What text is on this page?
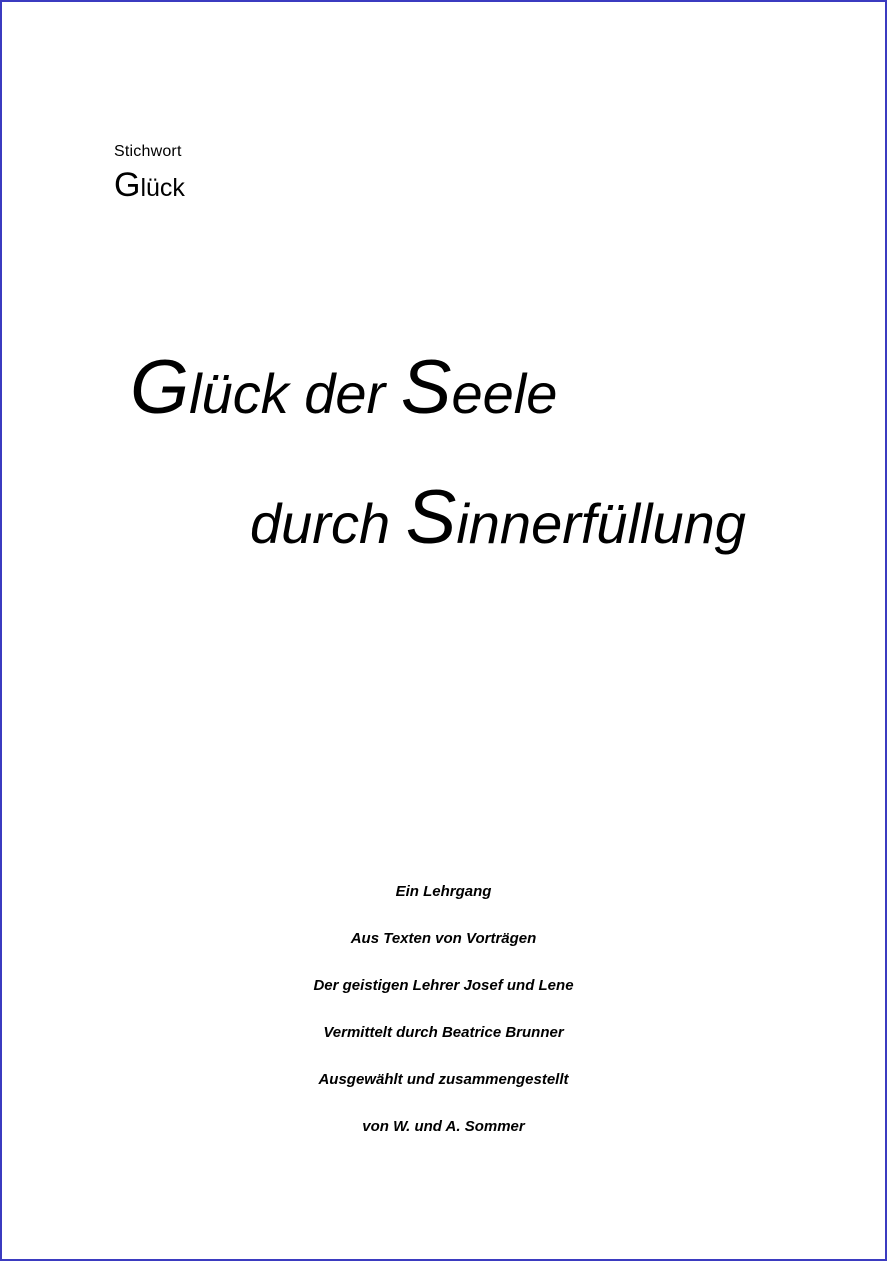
Stichwort
Glück
Glück der Seele
durch Sinnerfüllung
Ein Lehrgang
Aus Texten von Vorträgen
Der geistigen Lehrer Josef und Lene
Vermittelt durch Beatrice Brunner
Ausgewählt und zusammengestellt
von W. und A. Sommer
